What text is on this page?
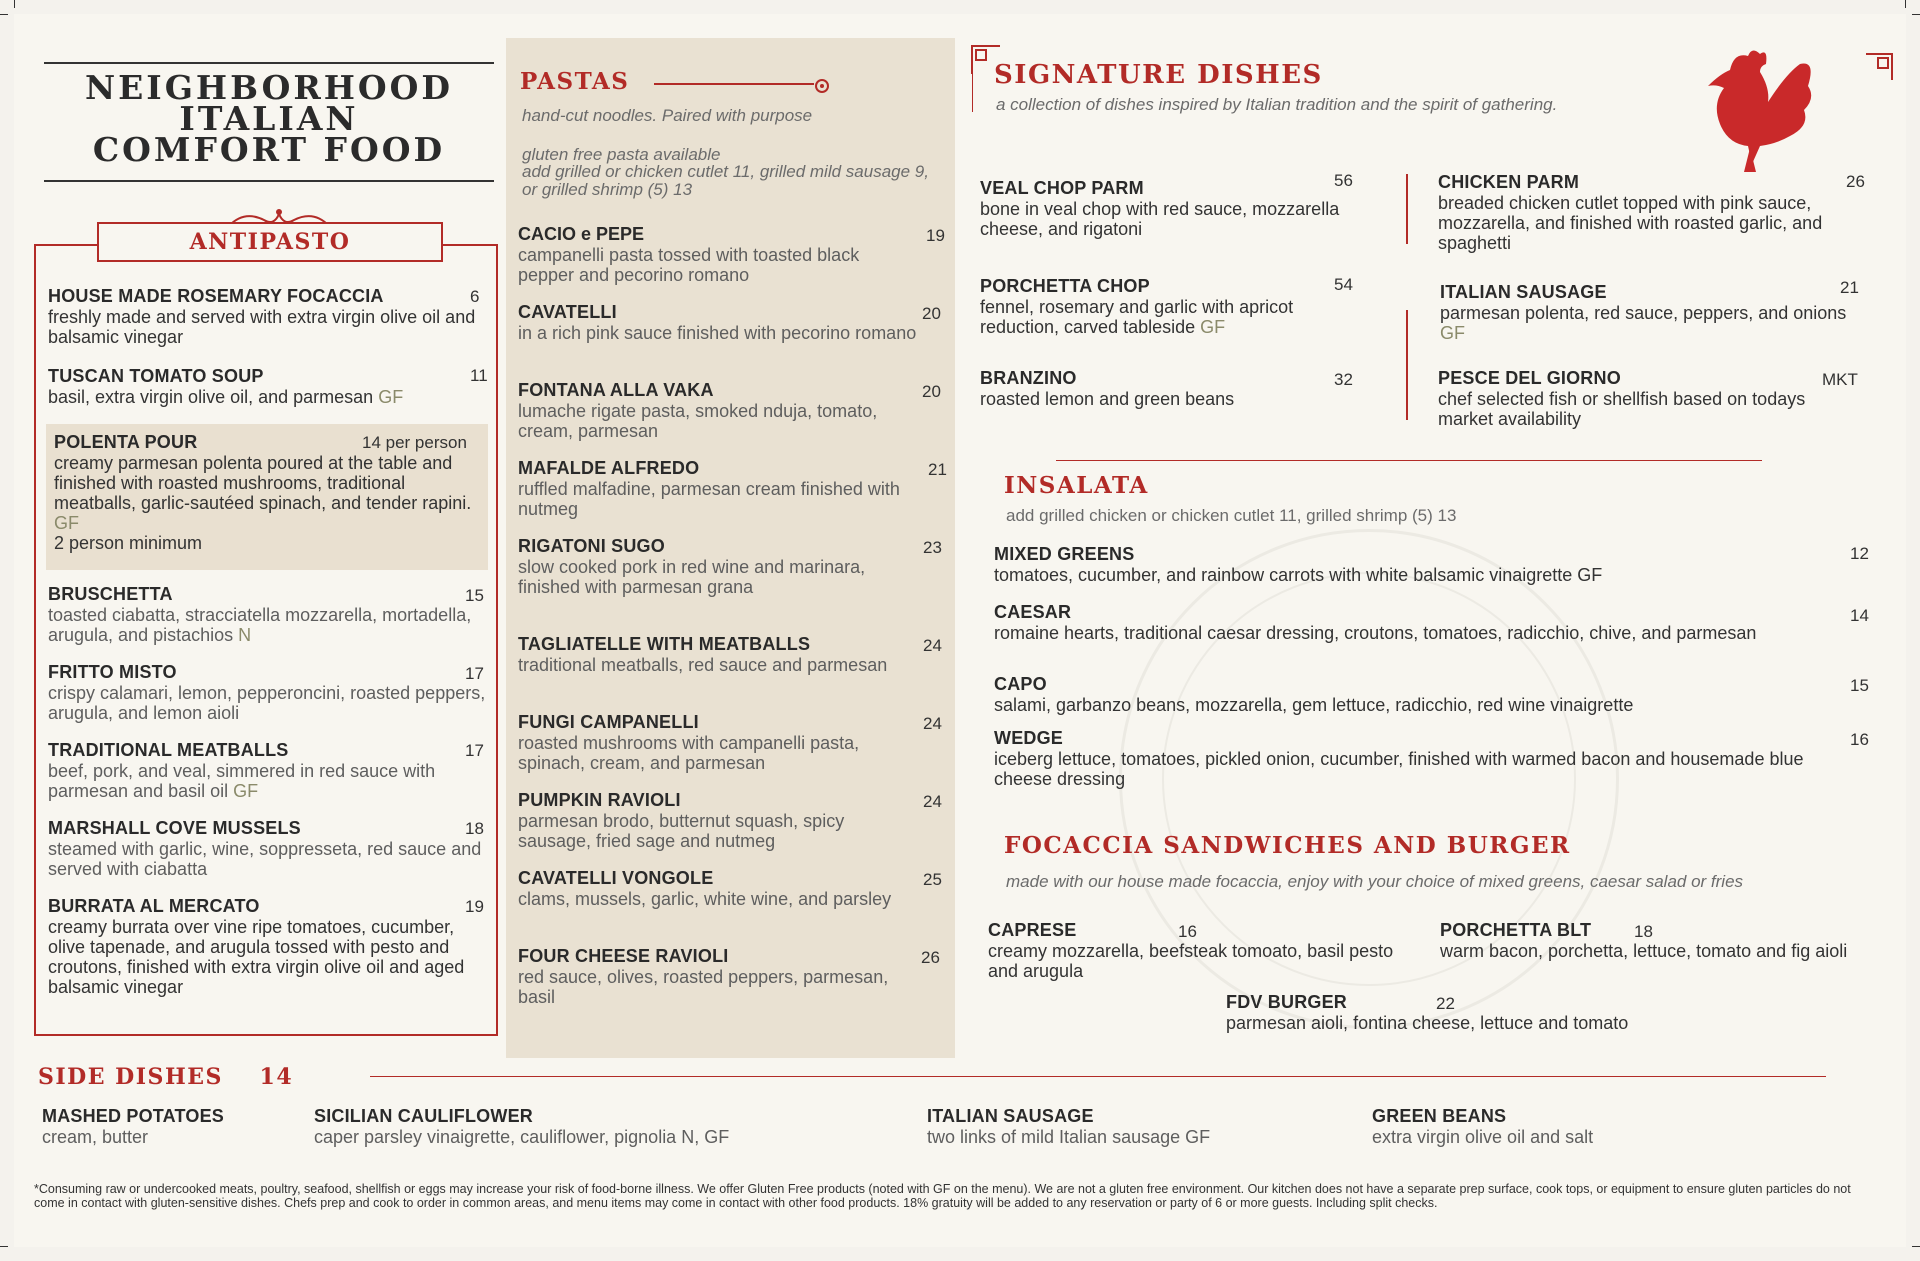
NEIGHBORHOOD
ITALIAN
COMFORT FOOD
ANTIPASTO
HOUSE MADE ROSEMARY FOCACCIA
freshly made and served with extra virgin olive oil and balsamic vinegar
6
TUSCAN TOMATO SOUP
basil, extra virgin olive oil, and parmesan GF
11
POLENTA POUR
creamy parmesan polenta poured at the table and finished with roasted mushrooms, traditional meatballs, garlic-sautéed spinach, and tender rapini. GF
2 person minimum
14 per person
BRUSCHETTA
toasted ciabatta, stracciatella mozzarella, mortadella, arugula, and pistachios N
15
FRITTO MISTO
crispy calamari, lemon, pepperoncini, roasted peppers, arugula, and lemon aioli
17
TRADITIONAL MEATBALLS
beef, pork, and veal, simmered in red sauce with parmesan and basil oil GF
17
MARSHALL COVE MUSSELS
steamed with garlic, wine, soppresseta, red sauce and served with ciabatta
18
BURRATA AL MERCATO
creamy burrata over vine ripe tomatoes, cucumber, olive tapenade, and arugula tossed with pesto and croutons, finished with extra virgin olive oil and aged balsamic vinegar
19
PASTAS
hand-cut noodles. Paired with purpose
gluten free pasta available
add grilled or chicken cutlet 11, grilled mild sausage 9, or grilled shrimp (5) 13
CACIO e PEPE
campanelli pasta tossed with toasted black pepper and pecorino romano
19
CAVATELLI
in a rich pink sauce finished with pecorino romano
20
FONTANA ALLA VAKA
lumache rigate pasta, smoked nduja, tomato, cream, parmesan
20
MAFALDE ALFREDO
ruffled malfadine, parmesan cream finished with nutmeg
21
RIGATONI SUGO
slow cooked pork in red wine and marinara, finished with parmesan grana
23
TAGLIATELLE WITH MEATBALLS
traditional meatballs, red sauce and parmesan
24
FUNGI CAMPANELLI
roasted mushrooms with campanelli pasta, spinach, cream, and parmesan
24
PUMPKIN RAVIOLI
parmesan brodo, butternut squash, spicy sausage, fried sage and nutmeg
24
CAVATELLI VONGOLE
clams, mussels, garlic, white wine, and parsley
25
FOUR CHEESE RAVIOLI
red sauce, olives, roasted peppers, parmesan, basil
26
SIGNATURE DISHES
a collection of dishes inspired by Italian tradition and the spirit of gathering.
VEAL CHOP PARM
bone in veal chop with red sauce, mozzarella cheese, and rigatoni
56
PORCHETTA CHOP
fennel, rosemary and garlic with apricot reduction, carved tableside GF
54
BRANZINO
roasted lemon and green beans
32
CHICKEN PARM
breaded chicken cutlet topped with pink sauce, mozzarella, and finished with roasted garlic, and spaghetti
26
ITALIAN SAUSAGE
parmesan polenta, red sauce, peppers, and onions GF
21
PESCE DEL GIORNO
chef selected fish or shellfish based on todays market availability
MKT
INSALATA
add grilled chicken or chicken cutlet 11, grilled shrimp (5) 13
MIXED GREENS
tomatoes, cucumber, and rainbow carrots with white balsamic vinaigrette GF
12
CAESAR
romaine hearts, traditional caesar dressing, croutons, tomatoes, radicchio, chive, and parmesan
14
CAPO
salami, garbanzo beans, mozzarella, gem lettuce, radicchio, red wine vinaigrette
15
WEDGE
iceberg lettuce, tomatoes, pickled onion, cucumber, finished with warmed bacon and housemade blue cheese dressing
16
FOCACCIA SANDWICHES AND BURGER
made with our house made focaccia, enjoy with your choice of mixed greens, caesar salad or fries
CAPRESE
creamy mozzarella, beefsteak tomoato, basil pesto and arugula
16	PORCHETTA BLT
warm bacon, porchetta, lettuce, tomato and fig aioli
18
FDV BURGER
parmesan aioli, fontina cheese, lettuce and tomato
22
SIDE DISHES 14
MASHED POTATOES
cream, butter
SICILIAN CAULIFLOWER
caper parsley vinaigrette, cauliflower, pignolia N, GF
ITALIAN SAUSAGE
two links of mild Italian sausage GF
GREEN BEANS
extra virgin olive oil and salt
*Consuming raw or undercooked meats, poultry, seafood, shellfish or eggs may increase your risk of food-borne illness. We offer Gluten Free products (noted with GF on the menu). We are not a gluten free environment. Our kitchen does not have a separate prep surface, cook tops, or equipment to ensure gluten particles do not come in contact with gluten-sensitive dishes. Chefs prep and cook to order in common areas, and menu items may come in contact with other food products. 18% gratuity will be added to any reservation or party of 6 or more guests. Including split checks.
